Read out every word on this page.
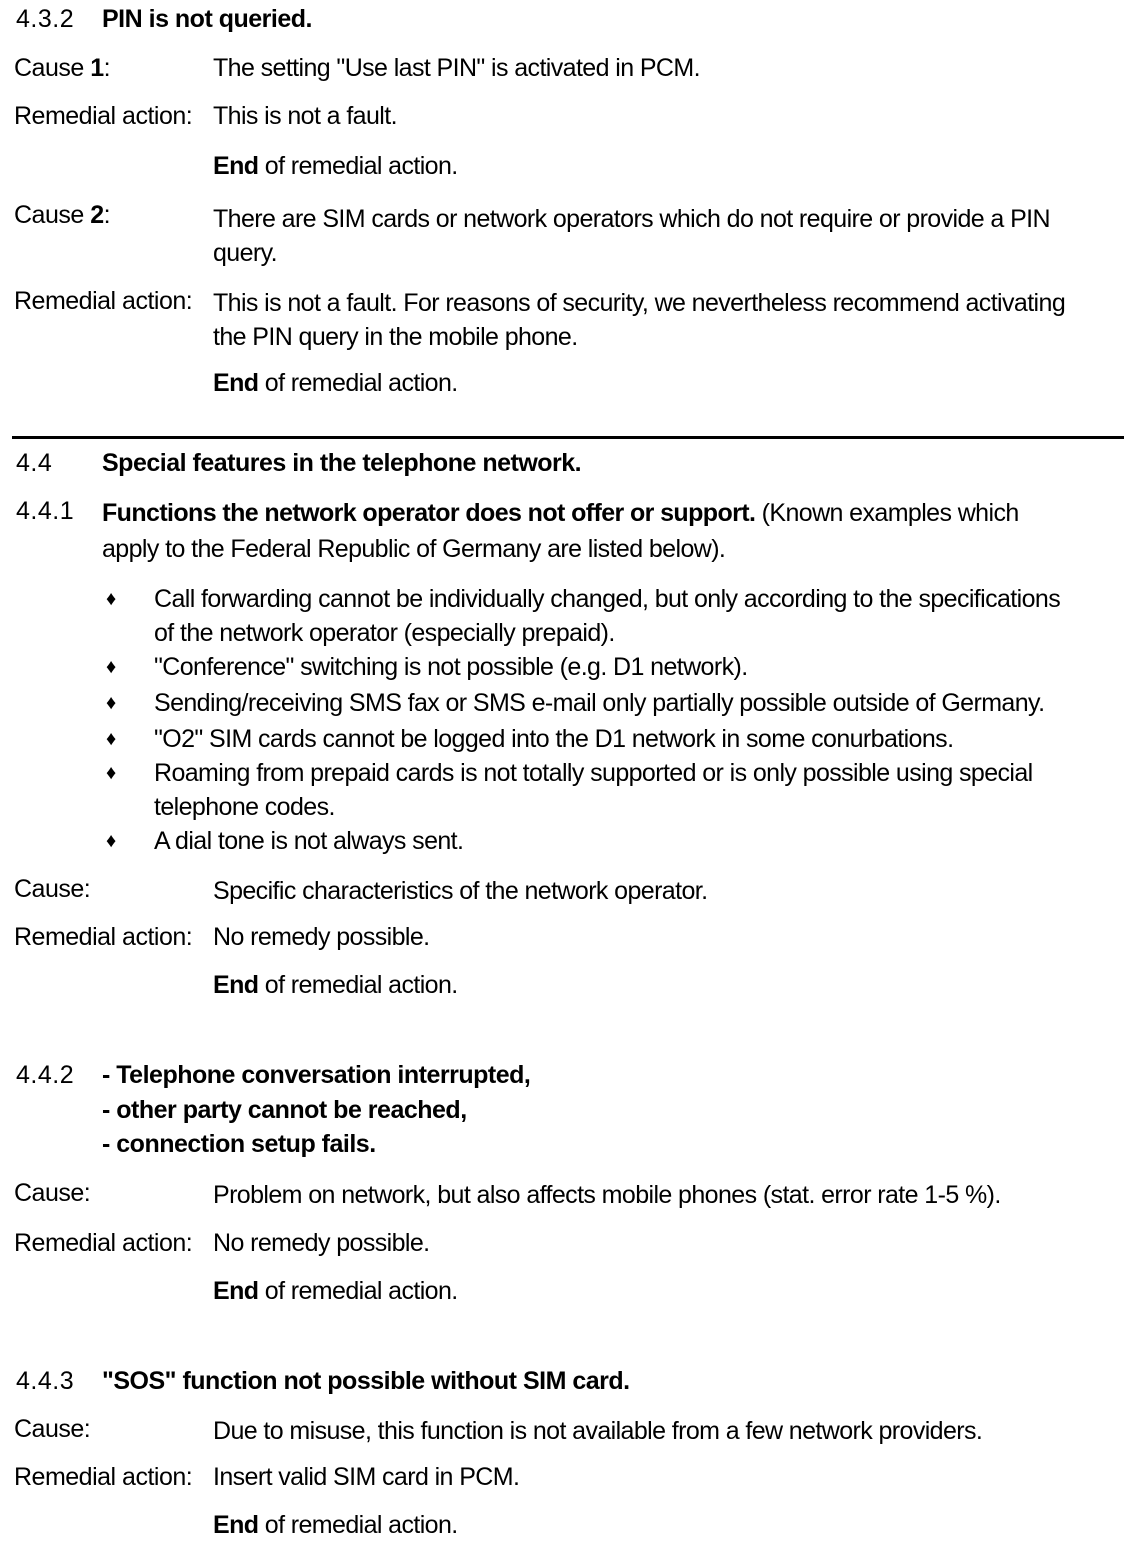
4.3.2 PIN is not queried.
Cause 1:	The setting "Use last PIN" is activated in PCM.
Remedial action: This is not a fault.
End of remedial action.
Cause 2:	There are SIM cards or network operators which do not require or provide a PIN
query.
Remedial action: This is not a fault. For reasons of security, we nevertheless recommend activating
the PIN query in the mobile phone.
End of remedial action.
4.4 Special features in the telephone network.
4.4.1 Functions the network operator does not offer or support. (Known examples which
apply to the Federal Republic of Germany are listed below).
♦ Call forwarding cannot be individually changed, but only according to the specifications
of the network operator (especially prepaid).
♦ "Conference" switching is not possible (e.g. D1 network).
♦ Sending/receiving SMS fax or SMS e-mail only partially possible outside of Germany.
♦ "O2" SIM cards cannot be logged into the D1 network in some conurbations.
♦ Roaming from prepaid cards is not totally supported or is only possible using special
telephone codes.
♦ A dial tone is not always sent.
Cause:	Specific characteristics of the network operator.
Remedial action: No remedy possible.
End of remedial action.
4.4.2 - Telephone conversation interrupted,
- other party cannot be reached,
- connection setup fails.
Cause:	Problem on network, but also affects mobile phones (stat. error rate 1-5 %).
Remedial action: No remedy possible.
End of remedial action.
4.4.3 "SOS" function not possible without SIM card.
Cause:	Due to misuse, this function is not available from a few network providers.
Remedial action: Insert valid SIM card in PCM.
End of remedial action.
